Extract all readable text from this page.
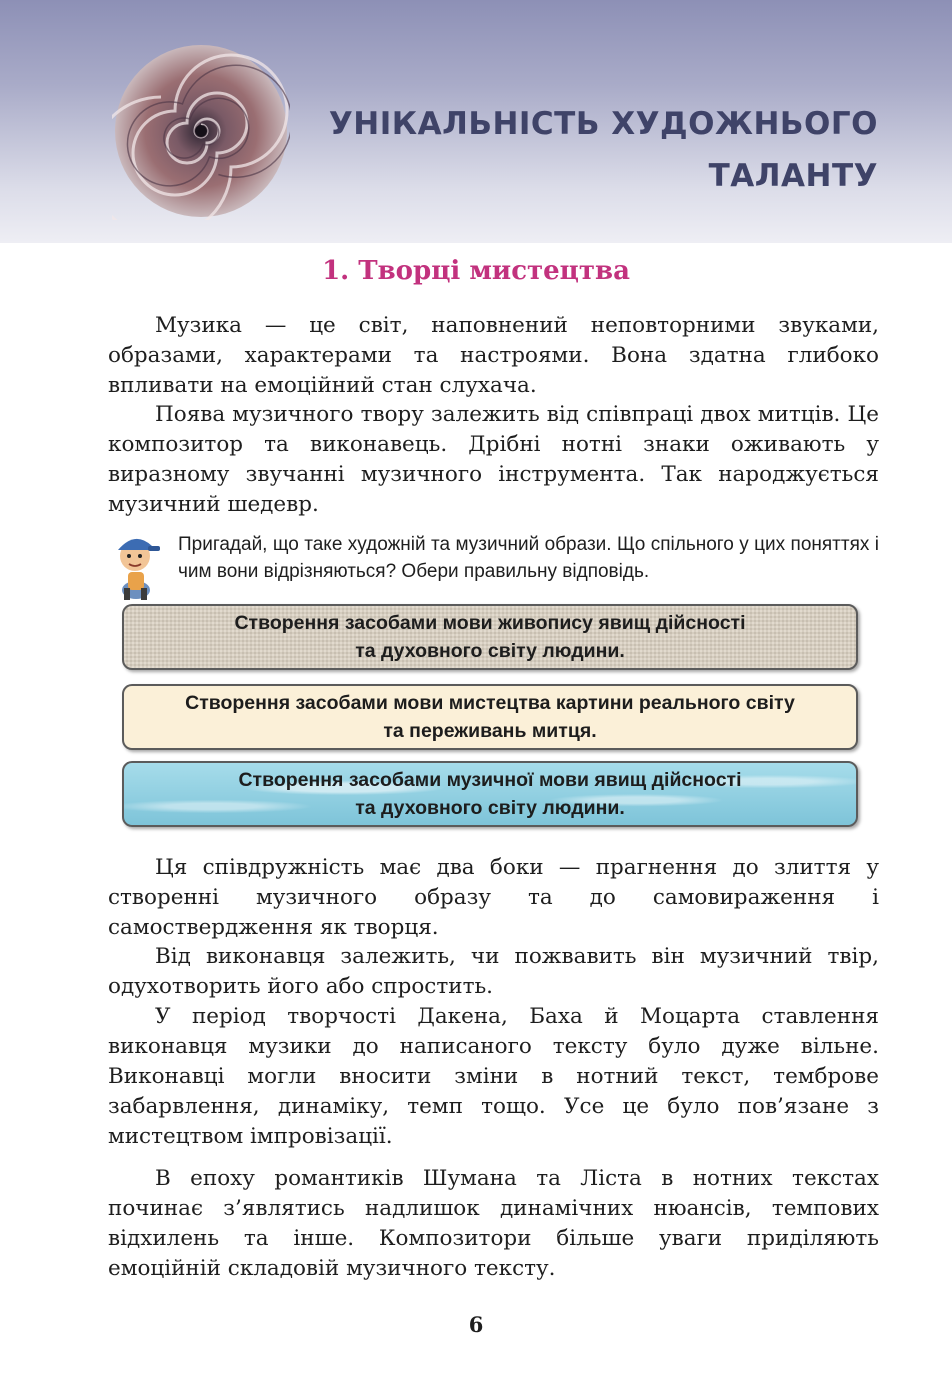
УНІКАЛЬНІСТЬ ХУДОЖНЬОГО
ТАЛАНТУ
1. Творці мистецтва

Музика — це світ, наповнений неповторними звуками, образами, характерами та настроями. Вона здатна глибоко впливати на емоційний стан слухача.

Поява музичного твору залежить від співпраці двох митців. Це композитор та виконавець. Дрібні нотні знаки оживають у виразному звучанні музичного інструмента. Так народжується музичний шедевр.

Пригадай, що таке художній та музичний образи. Що спільного у цих поняттях і чим вони відрізняються? Обери правильну відповідь.

Створення засобами мови живопису явищ дійсності
та духовного світу людини.
Створення засобами мови мистецтва картини реального світу
та переживань митця.
Створення засобами музичної мови явищ дійсності
та духовного світу людини.

Ця співдружність має два боки — прагнення до злиття у створенні музичного образу та до самовираження і самоствердження як творця.

Від виконавця залежить, чи пожвавить він музичний твір, одухотворить його або спростить.

У період творчості Дакена, Баха й Моцарта ставлення виконавця музики до написаного тексту було дуже вільне. Виконавці могли вносити зміни в нотний текст, темброве забарвлення, динаміку, темп тощо. Усе це було пов’язане з мистецтвом імпровізації.

В епоху романтиків Шумана та Ліста в нотних текстах починає з’являтись надлишок динамічних нюансів, темпових відхилень та інше. Композитори більше уваги приділяють емоційній складовій музичного тексту.

6
